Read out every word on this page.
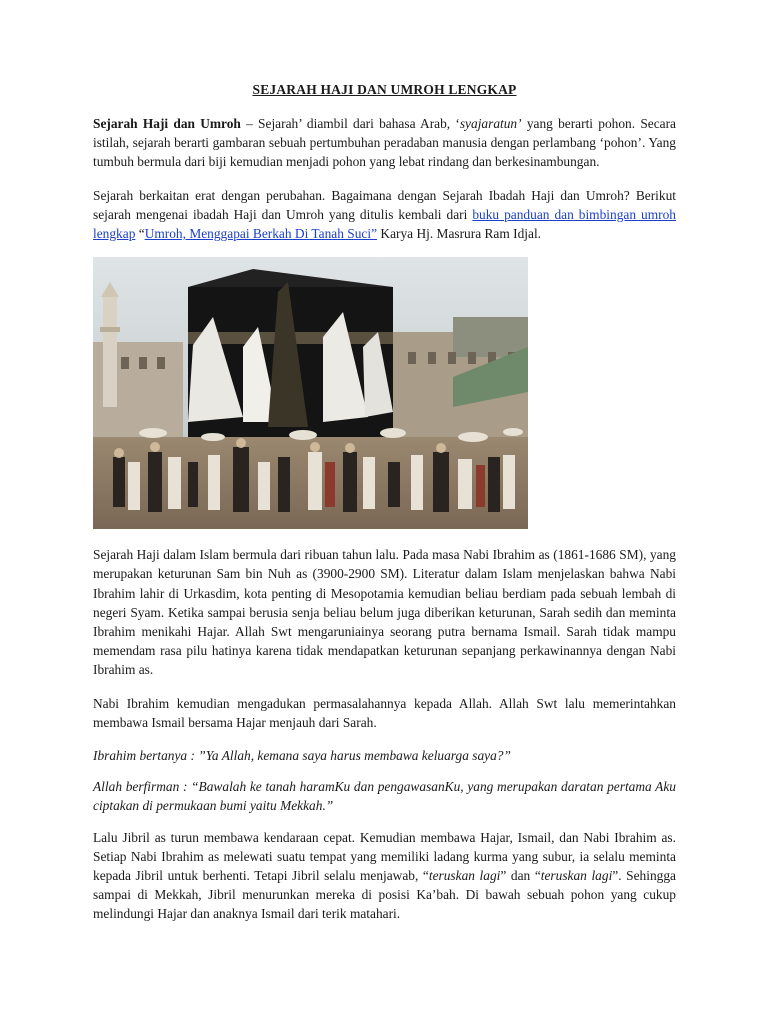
SEJARAH HAJI DAN UMROH LENGKAP

Sejarah Haji dan Umroh – Sejarah’ diambil dari bahasa Arab, ‘syajaratun’ yang berarti pohon. Secara istilah, sejarah berarti gambaran sebuah pertumbuhan peradaban manusia dengan perlambang ‘pohon’. Yang tumbuh bermula dari biji kemudian menjadi pohon yang lebat rindang dan berkesinambungan.

Sejarah berkaitan erat dengan perubahan. Bagaimana dengan Sejarah Ibadah Haji dan Umroh? Berikut sejarah mengenai ibadah Haji dan Umroh yang ditulis kembali dari buku panduan dan bimbingan umroh lengkap “Umroh, Menggapai Berkah Di Tanah Suci” Karya Hj. Masrura Ram Idjal.

Sejarah Haji dalam Islam bermula dari ribuan tahun lalu. Pada masa Nabi Ibrahim as (1861-1686 SM), yang merupakan keturunan Sam bin Nuh as (3900-2900 SM). Literatur dalam Islam menjelaskan bahwa Nabi Ibrahim lahir di Urkasdim, kota penting di Mesopotamia kemudian beliau berdiam pada sebuah lembah di negeri Syam. Ketika sampai berusia senja beliau belum juga diberikan keturunan, Sarah sedih dan meminta Ibrahim menikahi Hajar. Allah Swt mengaruniainya seorang putra bernama Ismail. Sarah tidak mampu memendam rasa pilu hatinya karena tidak mendapatkan keturunan sepanjang perkawinannya dengan Nabi Ibrahim as.

Nabi Ibrahim kemudian mengadukan permasalahannya kepada Allah. Allah Swt lalu memerintahkan membawa Ismail bersama Hajar menjauh dari Sarah.

Ibrahim bertanya : ”Ya Allah, kemana saya harus membawa keluarga saya?”

Allah berfirman : “Bawalah ke tanah haramKu dan pengawasanKu, yang merupakan daratan pertama Aku ciptakan di permukaan bumi yaitu Mekkah.”

Lalu Jibril as turun membawa kendaraan cepat. Kemudian membawa Hajar, Ismail, dan Nabi Ibrahim as. Setiap Nabi Ibrahim as melewati suatu tempat yang memiliki ladang kurma yang subur, ia selalu meminta kepada Jibril untuk berhenti. Tetapi Jibril selalu menjawab, “teruskan lagi” dan “teruskan lagi”. Sehingga sampai di Mekkah, Jibril menurunkan mereka di posisi Ka’bah. Di bawah sebuah pohon yang cukup melindungi Hajar dan anaknya Ismail dari terik matahari.
